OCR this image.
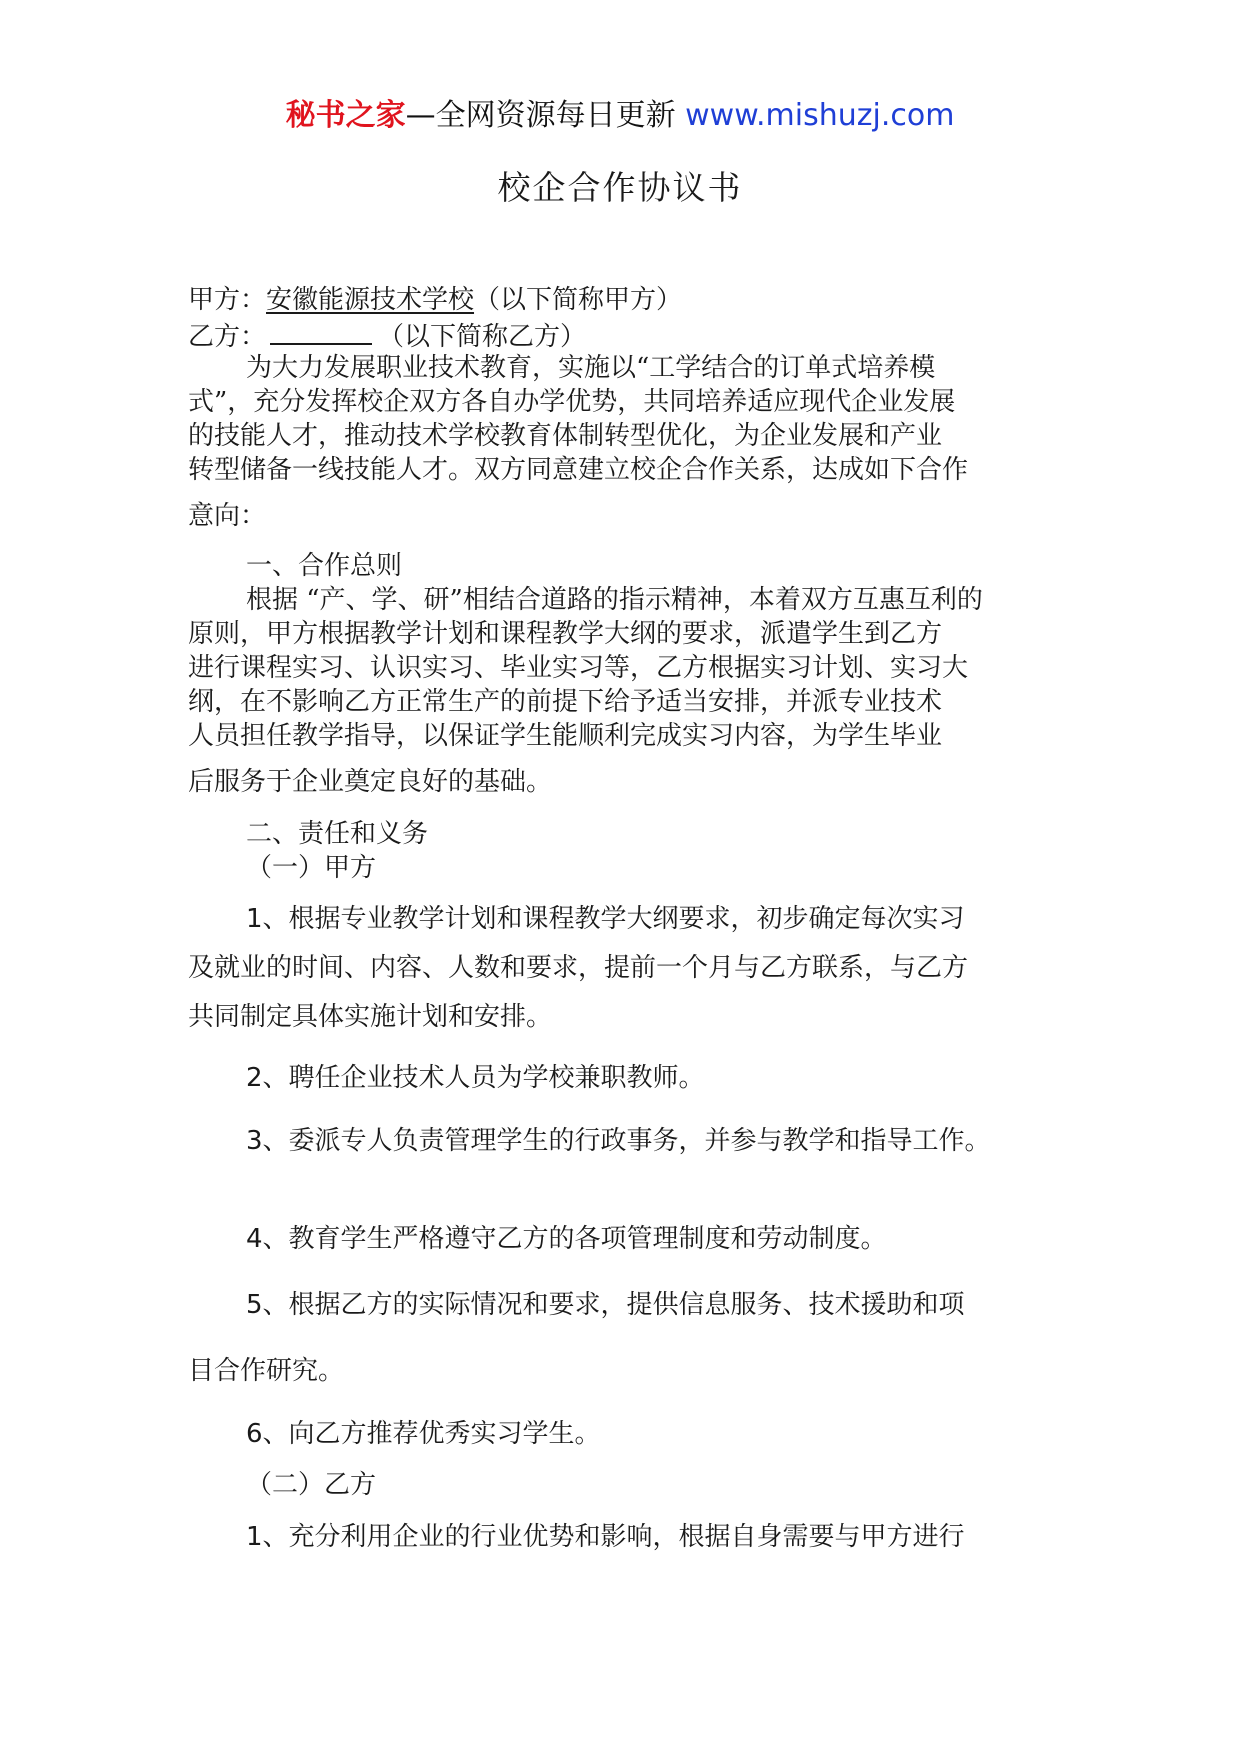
秘书之家—全网资源每日更新 www.mishuzj.com
校企合作协议书
甲方：安徽能源技术学校（以下简称甲方）
乙方：	（以下简称乙方）
为大力发展职业技术教育，实施以“工学结合的订单式培养模
式”，充分发挥校企双方各自办学优势，共同培养适应现代企业发展
的技能人才，推动技术学校教育体制转型优化，为企业发展和产业
转型储备一线技能人才。双方同意建立校企合作关系，达成如下合作
意向：
一、合作总则
根据 “产、学、研”相结合道路的指示精神，本着双方互惠互利的
原则，甲方根据教学计划和课程教学大纲的要求，派遣学生到乙方
进行课程实习、认识实习、毕业实习等，乙方根据实习计划、实习大
纲，在不影响乙方正常生产的前提下给予适当安排，并派专业技术
人员担任教学指导，以保证学生能顺利完成实习内容，为学生毕业
后服务于企业奠定良好的基础。
二、责任和义务
（一）甲方
1、根据专业教学计划和课程教学大纲要求，初步确定每次实习
及就业的时间、内容、人数和要求，提前一个月与乙方联系，与乙方
共同制定具体实施计划和安排。
2、聘任企业技术人员为学校兼职教师。
3、委派专人负责管理学生的行政事务，并参与教学和指导工作。
4、教育学生严格遵守乙方的各项管理制度和劳动制度。
5、根据乙方的实际情况和要求，提供信息服务、技术援助和项
目合作研究。
6、向乙方推荐优秀实习学生。
（二）乙方
1、充分利用企业的行业优势和影响，根据自身需要与甲方进行
